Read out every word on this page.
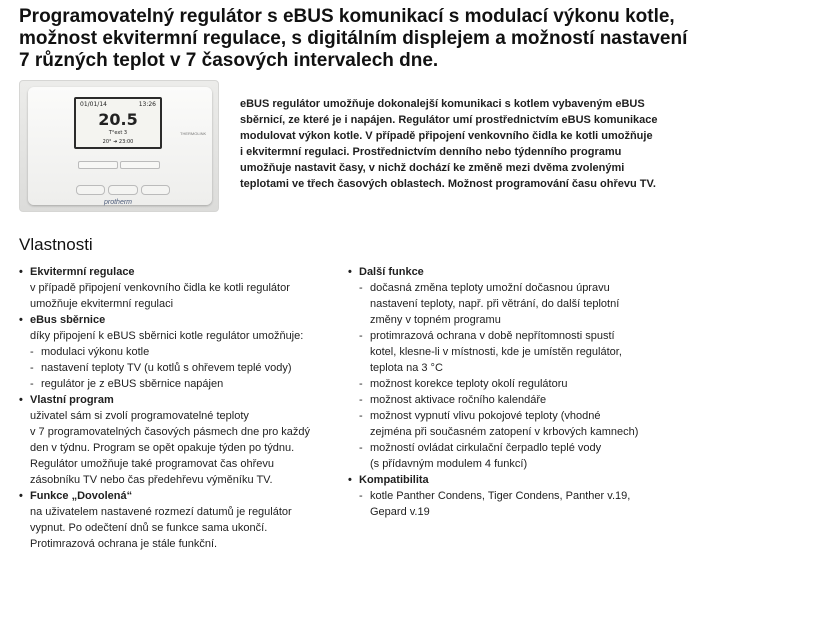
Programovatelný regulátor s eBUS komunikací s modulací výkonu kotle,
možnost ekvitermní regulace, s digitálním displejem a možností nastavení
7 různých teplot v 7 časových intervalech dne.
01/01/14	13:26
20.5
T°ext 3
20° ➜ 23:00
THERMOLINK
protherm
eBUS regulátor umožňuje dokonalejší komunikaci s kotlem vybaveným eBUS
sběrnicí, ze které je i napájen. Regulátor umí prostřednictvím eBUS komunikace
modulovat výkon kotle. V případě připojení venkovního čidla ke kotli umožňuje
i ekvitermní regulaci. Prostřednictvím denního nebo týdenního programu
umožňuje nastavit časy, v nichž dochází ke změně mezi dvěma zvolenými
teplotami ve třech časových oblastech. Možnost programování času ohřevu TV.
Vlastnosti
• Ekvitermní regulace
v případě připojení venkovního čidla ke kotli regulátor
umožňuje ekvitermní regulaci
• eBus sběrnice
díky připojení k eBUS sběrnici kotle regulátor umožňuje:
- modulaci výkonu kotle
- nastavení teploty TV (u kotlů s ohřevem teplé vody)
- regulátor je z eBUS sběrnice napájen
• Vlastní program
uživatel sám si zvolí programovatelné teploty
v 7 programovatelných časových pásmech dne pro každý
den v týdnu. Program se opět opakuje týden po týdnu.
Regulátor umožňuje také programovat čas ohřevu
zásobníku TV nebo čas předehřevu výměníku TV.
• Funkce „Dovolená“
na uživatelem nastavené rozmezí datumů je regulátor
vypnut. Po odečtení dnů se funkce sama ukončí.
Protimrazová ochrana je stále funkční.
• Další funkce
- dočasná změna teploty umožní dočasnou úpravu
nastavení teploty, např. při větrání, do další teplotní
změny v topném programu
- protimrazová ochrana v době nepřítomnosti spustí
kotel, klesne-li v místnosti, kde je umístěn regulátor,
teplota na 3 °C
- možnost korekce teploty okolí regulátoru
- možnost aktivace ročního kalendáře
- možnost vypnutí vlivu pokojové teploty (vhodné
zejména při současném zatopení v krbových kamnech)
- možností ovládat cirkulační čerpadlo teplé vody
(s přídavným modulem 4 funkcí)
• Kompatibilita
- kotle Panther Condens, Tiger Condens, Panther v.19,
Gepard v.19
